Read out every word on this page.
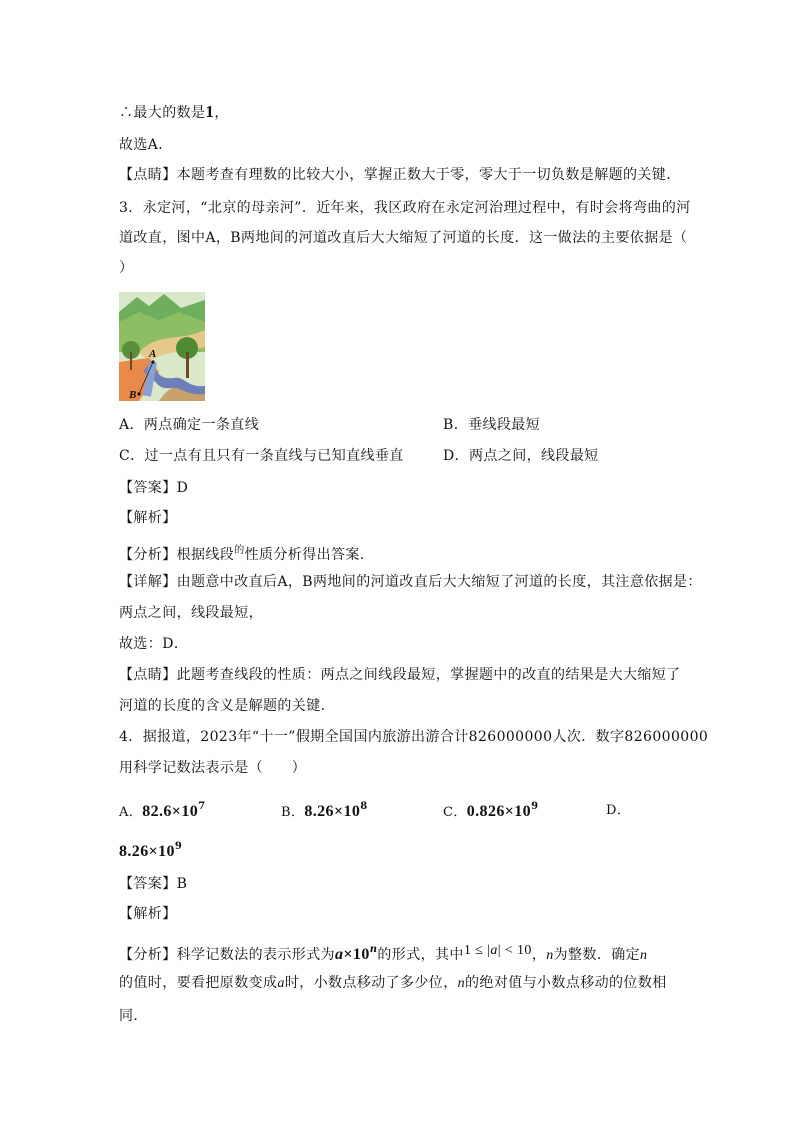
∴最大的数是1，
故选A．
【点睛】本题考查有理数的比较大小，掌握正数大于零，零大于一切负数是解题的关键．
3．永定河，“北京的母亲河”．近年来，我区政府在永定河治理过程中，有时会将弯曲的河
道改直，图中A，B两地间的河道改直后大大缩短了河道的长度．这一做法的主要依据是（
）
A
B
A．两点确定一条直线	B．垂线段最短
C．过一点有且只有一条直线与已知直线垂直	D．两点之间，线段最短
【答案】D
【解析】
【分析】根据线段$^的$性质分析得出答案．
【详解】由题意中改直后A，B两地间的河道改直后大大缩短了河道的长度，其注意依据是：
两点之间，线段最短，
故选：D．
【点睛】此题考查线段的性质：两点之间线段最短，掌握题中的改直的结果是大大缩短了
河道的长度的含义是解题的关键．
4．据报道，2023年“十一”假期全国国内旅游出游合计826000000人次．数字826000000
用科学记数法表示是（　　）
A．$82.6\times 10^7$	B．$8.26\times 10^8$	C．$0.826\times 10^9$	D．
$8.26\times 10^9$
【答案】B
【解析】
【分析】科学记数法的表示形式为$a\times 10^n$的形式，其中1 ≤ |a| < 10，n为整数．确定n
的值时，要看把原数变成a时，小数点移动了多少位，n的绝对值与小数点移动的位数相
同．
